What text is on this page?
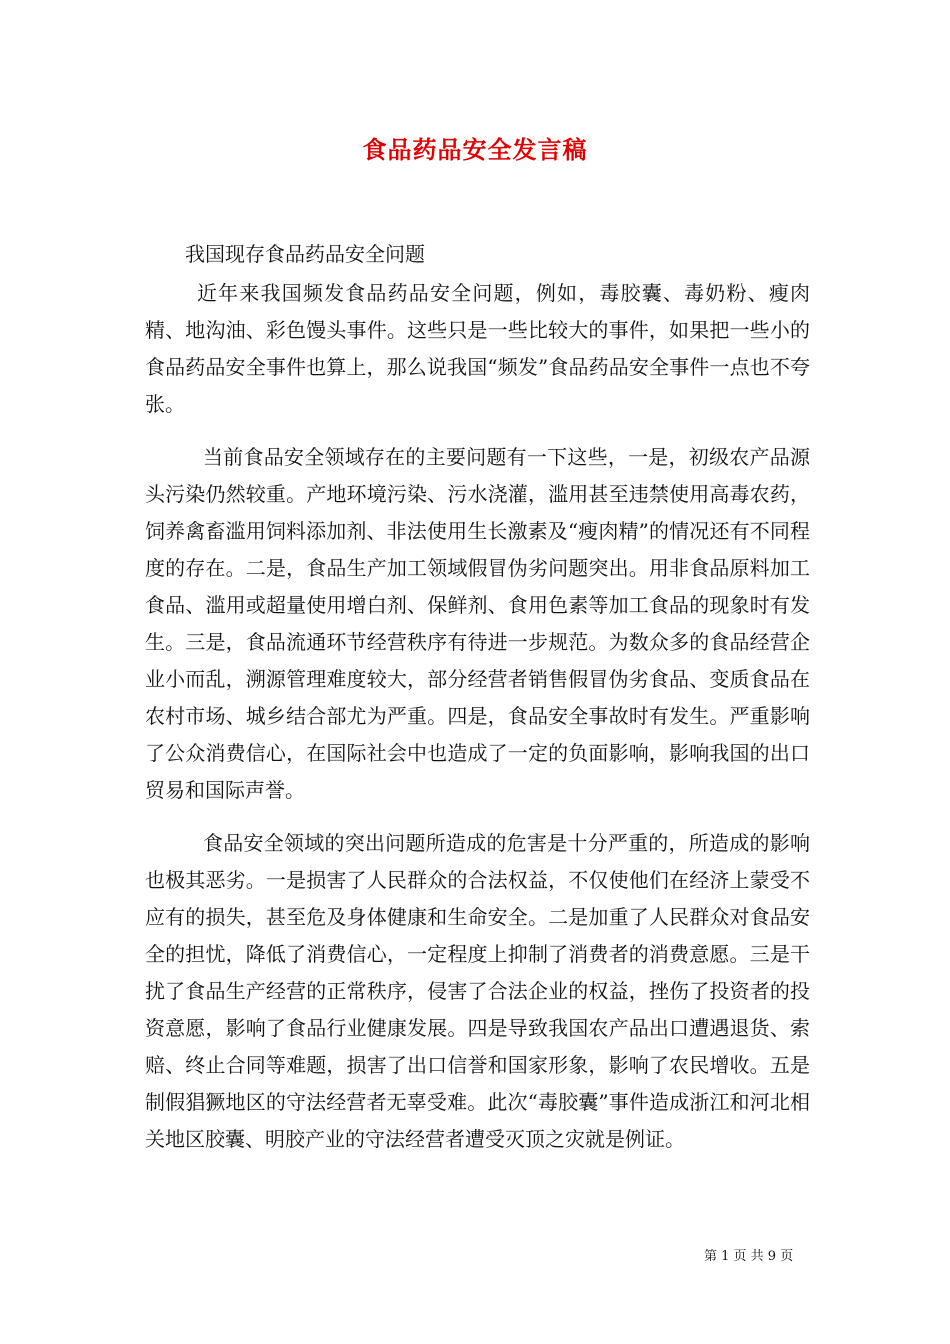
食品药品安全发言稿

我国现存食品药品安全问题

近年来我国频发食品药品安全问题，例如，毒胶囊、毒奶粉、瘦肉精、地沟油、彩色馒头事件。这些只是一些比较大的事件，如果把一些小的食品药品安全事件也算上，那么说我国“频发”食品药品安全事件一点也不夸张。

当前食品安全领域存在的主要问题有一下这些，一是，初级农产品源头污染仍然较重。产地环境污染、污水浇灌，滥用甚至违禁使用高毒农药，饲养禽畜滥用饲料添加剂、非法使用生长激素及“瘦肉精”的情况还有不同程度的存在。二是，食品生产加工领域假冒伪劣问题突出。用非食品原料加工食品、滥用或超量使用增白剂、保鲜剂、食用色素等加工食品的现象时有发生。三是，食品流通环节经营秩序有待进一步规范。为数众多的食品经营企业小而乱，溯源管理难度较大，部分经营者销售假冒伪劣食品、变质食品在农村市场、城乡结合部尤为严重。四是，食品安全事故时有发生。严重影响了公众消费信心，在国际社会中也造成了一定的负面影响，影响我国的出口贸易和国际声誉。

食品安全领域的突出问题所造成的危害是十分严重的，所造成的影响也极其恶劣。一是损害了人民群众的合法权益，不仅使他们在经济上蒙受不应有的损失，甚至危及身体健康和生命安全。二是加重了人民群众对食品安全的担忧，降低了消费信心，一定程度上抑制了消费者的消费意愿。三是干扰了食品生产经营的正常秩序，侵害了合法企业的权益，挫伤了投资者的投资意愿，影响了食品行业健康发展。四是导致我国农产品出口遭遇退货、索赔、终止合同等难题，损害了出口信誉和国家形象，影响了农民增收。五是制假猖獗地区的守法经营者无辜受难。此次“毒胶囊”事件造成浙江和河北相关地区胶囊、明胶产业的守法经营者遭受灭顶之灾就是例证。

第 1 页 共 9 页
